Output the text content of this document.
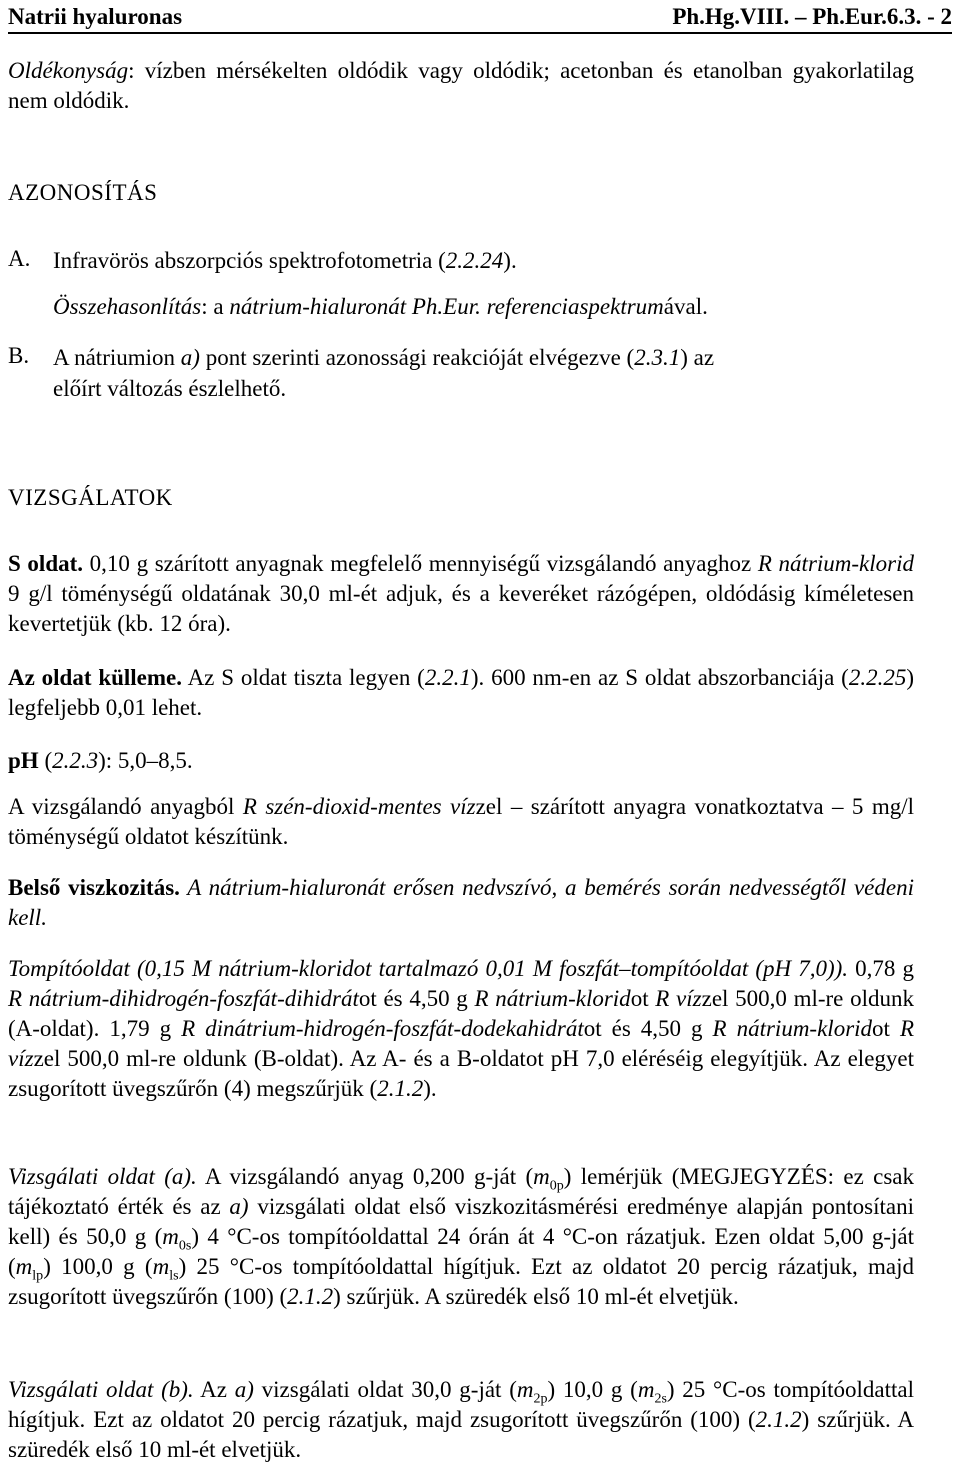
Natrii hyaluronas	Ph.Hg.VIII. – Ph.Eur.6.3. - 2
Oldékonyság: vízben mérsékelten oldódik vagy oldódik; acetonban és etanolban gyakorlatilag nem oldódik.
AZONOSÍTÁS
A. Infravörös abszorpciós spektrofotometria (2.2.24).
Összehasonlítás: a nátrium-hialuronát Ph.Eur. referenciaspektrumával.
B. A nátriumion a) pont szerinti azonossági reakcióját elvégezve (2.3.1) az
előírt változás észlelhető.
VIZSGÁLATOK
S oldat. 0,10 g szárított anyagnak megfelelő mennyiségű vizsgálandó anyaghoz R nátrium-klorid 9 g/l töménységű oldatának 30,0 ml-ét adjuk, és a keveréket rázógépen, oldódásig kíméletesen kevertetjük (kb. 12 óra).
Az oldat külleme. Az S oldat tiszta legyen (2.2.1). 600 nm-en az S oldat abszorbanciája (2.2.25) legfeljebb 0,01 lehet.
pH (2.2.3): 5,0–8,5.
A vizsgálandó anyagból R szén-dioxid-mentes vízzel – szárított anyagra vonatkoztatva – 5 mg/l töménységű oldatot készítünk.
Belső viszkozitás. A nátrium-hialuronát erősen nedvszívó, a bemérés során nedvességtől védeni kell.
Tompítóoldat (0,15 M nátrium-kloridot tartalmazó 0,01 M foszfát–tompítóoldat (pH 7,0)). 0,78 g R nátrium-dihidrogén-foszfát-dihidrátot és 4,50 g R nátrium-kloridot R vízzel 500,0 ml-re oldunk (A-oldat). 1,79 g R dinátrium-hidrogén-foszfát-dodekahidrátot és 4,50 g R nátrium-kloridot R vízzel 500,0 ml-re oldunk (B-oldat). Az A- és a B-oldatot pH 7,0 eléréséig elegyítjük. Az elegyet zsugorított üvegszűrőn (4) megszűrjük (2.1.2).
Vizsgálati oldat (a). A vizsgálandó anyag 0,200 g-ját $(m_{0p})$ lemérjük (MEGJEGYZÉS: ez csak tájékoztató érték és az a) vizsgálati oldat első viszkozitásmérési eredménye alapján pontosítani kell) és 50,0 g $(m_{0s})$ 4 °C-os tompítóoldattal 24 órán át 4 °C-on rázatjuk. Ezen oldat 5,00 g-ját $(m_{lp})$ 100,0 g $(m_{ls})$ 25 °C-os tompítóoldattal hígítjuk. Ezt az oldatot 20 percig rázatjuk, majd zsugorított üvegszűrőn (100) (2.1.2) szűrjük. A szüredék első 10 ml-ét elvetjük.
Vizsgálati oldat (b). Az a) vizsgálati oldat 30,0 g-ját $(m_{2p})$ 10,0 g $(m_{2s})$ 25 °C-os tompítóoldattal hígítjuk. Ezt az oldatot 20 percig rázatjuk, majd zsugorított üvegszűrőn (100) (2.1.2) szűrjük. A szüredék első 10 ml-ét elvetjük.
